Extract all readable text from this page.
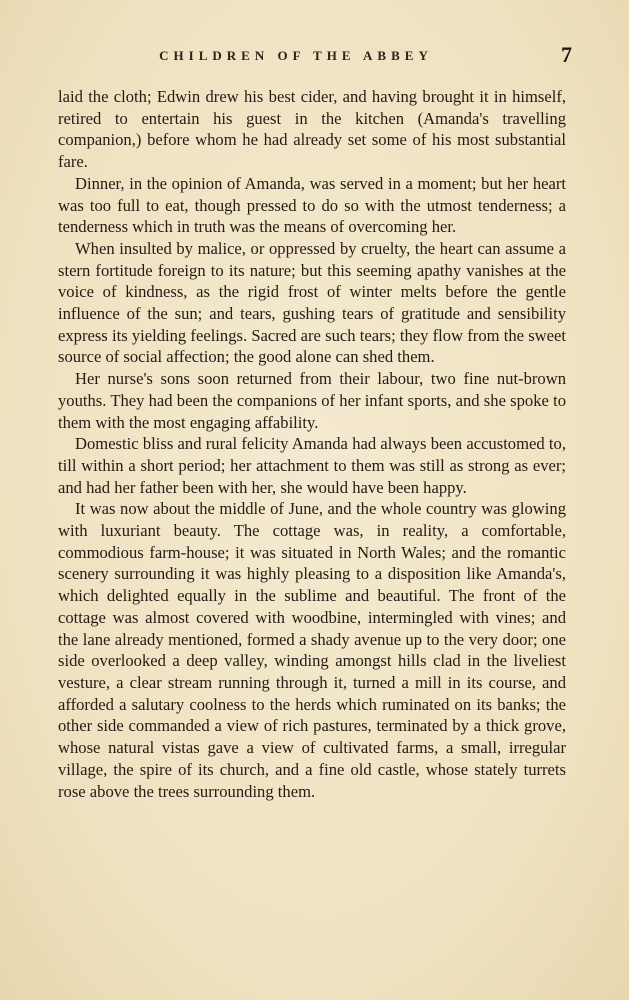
CHILDREN OF THE ABBEY	7

laid the cloth; Edwin drew his best cider, and having brought it in himself, retired to entertain his guest in the kitchen (Amanda's travelling companion,) before whom he had already set some of his most substantial fare.

Dinner, in the opinion of Amanda, was served in a moment; but her heart was too full to eat, though pressed to do so with the utmost tenderness; a tenderness which in truth was the means of overcoming her.

When insulted by malice, or oppressed by cruelty, the heart can assume a stern fortitude foreign to its nature; but this seeming apathy vanishes at the voice of kindness, as the rigid frost of winter melts before the gentle influence of the sun; and tears, gushing tears of gratitude and sensibility express its yielding feelings. Sacred are such tears; they flow from the sweet source of social affection; the good alone can shed them.

Her nurse's sons soon returned from their labour, two fine nut-brown youths. They had been the companions of her infant sports, and she spoke to them with the most engaging affability.

Domestic bliss and rural felicity Amanda had always been accustomed to, till within a short period; her attachment to them was still as strong as ever; and had her father been with her, she would have been happy.

It was now about the middle of June, and the whole country was glowing with luxuriant beauty. The cottage was, in reality, a comfortable, commodious farm-house; it was situated in North Wales; and the romantic scenery surrounding it was highly pleasing to a disposition like Amanda's, which delighted equally in the sublime and beautiful. The front of the cottage was almost covered with woodbine, intermingled with vines; and the lane already mentioned, formed a shady avenue up to the very door; one side overlooked a deep valley, winding amongst hills clad in the liveliest vesture, a clear stream running through it, turned a mill in its course, and afforded a salutary coolness to the herds which ruminated on its banks; the other side commanded a view of rich pastures, terminated by a thick grove, whose natural vistas gave a view of cultivated farms, a small, irregular village, the spire of its church, and a fine old castle, whose stately turrets rose above the trees surrounding them.
